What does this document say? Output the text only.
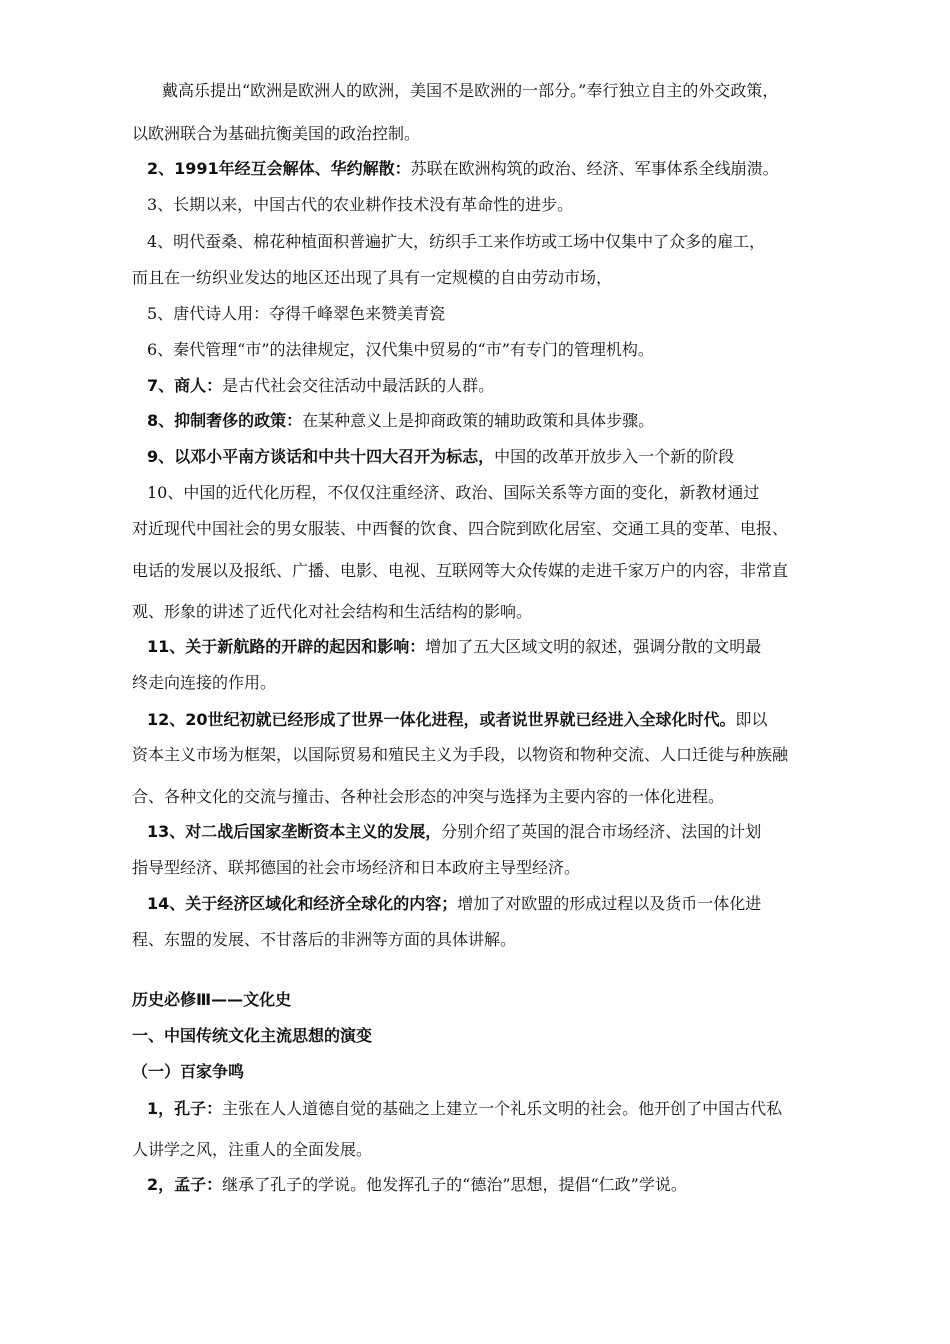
戴高乐提出“欧洲是欧洲人的欧洲，美国不是欧洲的一部分。”奉行独立自主的外交政策，
以欧洲联合为基础抗衡美国的政治控制。
2、1991年经互会解体、华约解散：苏联在欧洲构筑的政治、经济、军事体系全线崩溃。
3、长期以来，中国古代的农业耕作技术没有革命性的进步。
4、明代蚕桑、棉花种植面积普遍扩大，纺织手工来作坊或工场中仅集中了众多的雇工，
而且在一纺织业发达的地区还出现了具有一定规模的自由劳动市场，
5、唐代诗人用：夺得千峰翠色来赞美青瓷
6、秦代管理“市”的法律规定，汉代集中贸易的“市”有专门的管理机构。
7、商人：是古代社会交往活动中最活跃的人群。
8、抑制奢侈的政策：在某种意义上是抑商政策的辅助政策和具体步骤。
9、以邓小平南方谈话和中共十四大召开为标志，中国的改革开放步入一个新的阶段
10、中国的近代化历程，不仅仅注重经济、政治、国际关系等方面的变化，新教材通过
对近现代中国社会的男女服装、中西餐的饮食、四合院到欧化居室、交通工具的变革、电报、
电话的发展以及报纸、广播、电影、电视、互联网等大众传媒的走进千家万户的内容，非常直
观、形象的讲述了近代化对社会结构和生活结构的影响。
11、关于新航路的开辟的起因和影响：增加了五大区域文明的叙述，强调分散的文明最
终走向连接的作用。
12、20世纪初就已经形成了世界一体化进程，或者说世界就已经进入全球化时代。即以
资本主义市场为框架，以国际贸易和殖民主义为手段，以物资和物种交流、人口迁徙与种族融
合、各种文化的交流与撞击、各种社会形态的冲突与选择为主要内容的一体化进程。
13、对二战后国家垄断资本主义的发展，分别介绍了英国的混合市场经济、法国的计划
指导型经济、联邦德国的社会市场经济和日本政府主导型经济。
14、关于经济区域化和经济全球化的内容；增加了对欧盟的形成过程以及货币一体化进
程、东盟的发展、不甘落后的非洲等方面的具体讲解。
历史必修Ⅲ——文化史
一、中国传统文化主流思想的演变
（一）百家争鸣
1，孔子：主张在人人道德自觉的基础之上建立一个礼乐文明的社会。他开创了中国古代私
人讲学之风，注重人的全面发展。
2，孟子：继承了孔子的学说。他发挥孔子的“德治”思想，提倡“仁政”学说。
